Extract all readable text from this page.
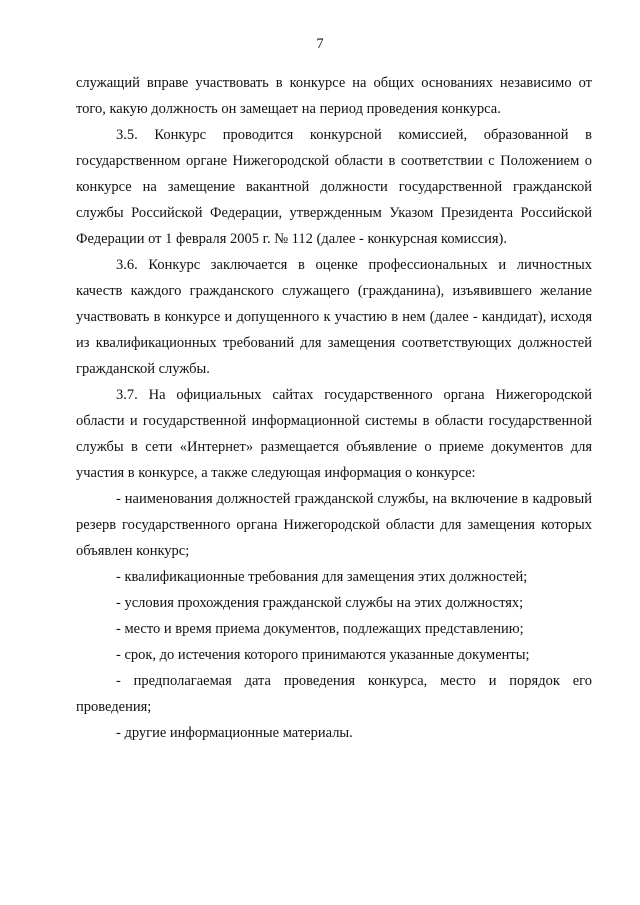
7

служащий вправе участвовать в конкурсе на общих основаниях независимо от того, какую должность он замещает на период проведения конкурса.

3.5. Конкурс проводится конкурсной комиссией, образованной в государственном органе Нижегородской области в соответствии с Положением о конкурсе на замещение вакантной должности государственной гражданской службы Российской Федерации, утвержденным Указом Президента Российской Федерации от 1 февраля 2005 г. № 112 (далее - конкурсная комиссия).

3.6. Конкурс заключается в оценке профессиональных и личностных качеств каждого гражданского служащего (гражданина), изъявившего желание участвовать в конкурсе и допущенного к участию в нем (далее - кандидат), исходя из квалификационных требований для замещения соответствующих должностей гражданской службы.

3.7. На официальных сайтах государственного органа Нижегородской области и государственной информационной системы в области государственной службы в сети «Интернет» размещается объявление о приеме документов для участия в конкурсе, а также следующая информация о конкурсе:

- наименования должностей гражданской службы, на включение в кадровый резерв государственного органа Нижегородской области для замещения которых объявлен конкурс;

- квалификационные требования для замещения этих должностей;

- условия прохождения гражданской службы на этих должностях;

- место и время приема документов, подлежащих представлению;

- срок, до истечения которого принимаются указанные документы;

- предполагаемая дата проведения конкурса, место и порядок его проведения;

- другие информационные материалы.
